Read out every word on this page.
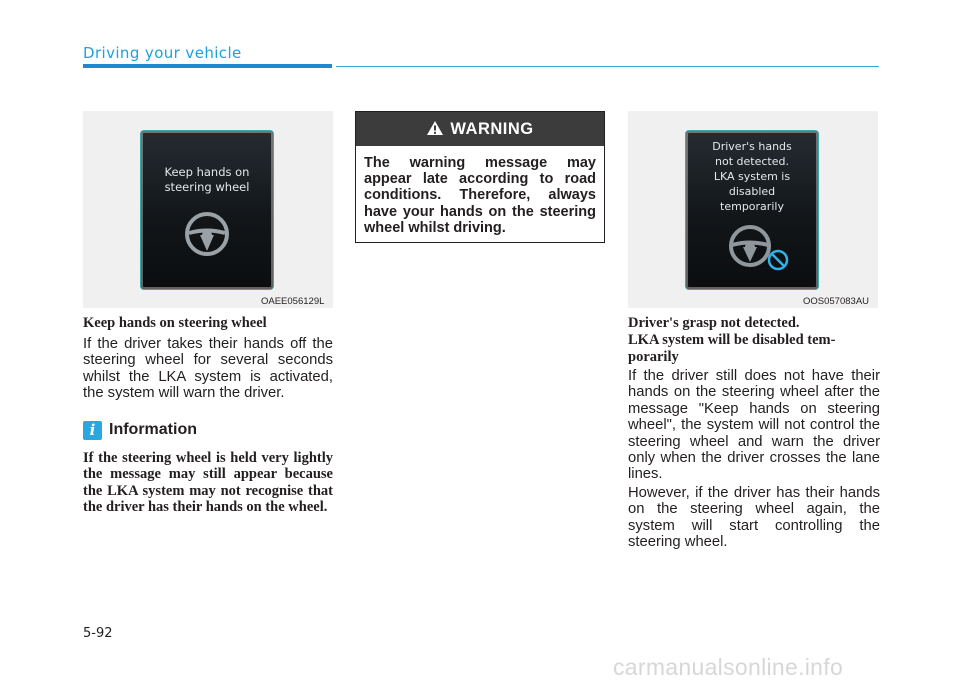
Driving your vehicle
Keep hands on
steering wheel
OAEE056129L
Keep hands on steering wheel
If the driver takes their hands off the steering wheel for several seconds whilst the LKA system is activated, the system will warn the driver.
i Information
If the steering wheel is held very lightly the message may still appear because the LKA system may not recognise that the driver has their hands on the wheel.
WARNING
The warning message may appear late according to road conditions. Therefore, always have your hands on the steering wheel whilst driving.
Driver's hands
not detected.
LKA system is
disabled
temporarily
OOS057083AU
Driver's grasp not detected.
LKA system will be disabled tem-
porarily
If the driver still does not have their hands on the steering wheel after the message "Keep hands on steering wheel", the system will not control the steering wheel and warn the driver only when the driver crosses the lane lines.
However, if the driver has their hands on the steering wheel again, the system will start controlling the steering wheel.
5-92
carmanualsonline.info
